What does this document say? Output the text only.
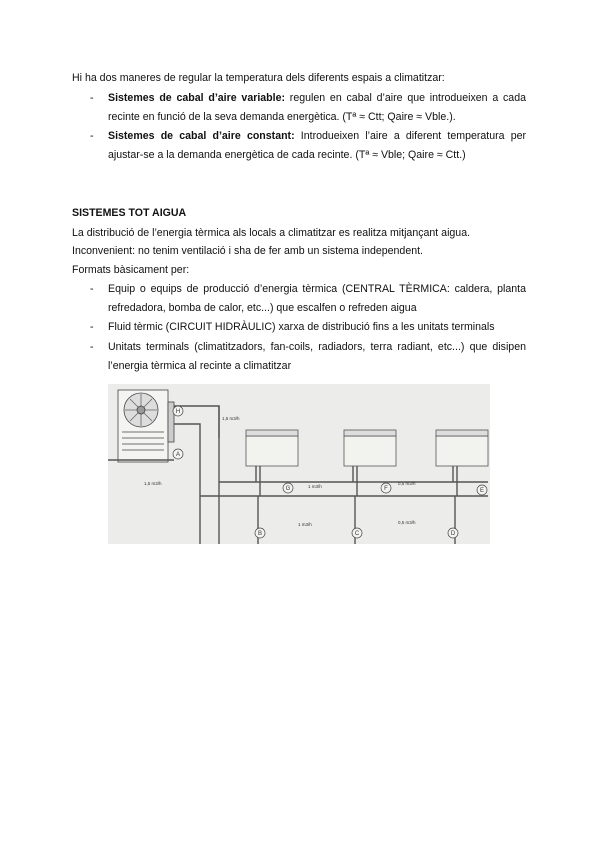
Hi ha dos maneres de regular la temperatura dels diferents espais a climatitzar:
- Sistemes de cabal d’aire variable: regulen en cabal d’aire que introdueixen a cada recinte en funció de la seva demanda energètica. (Tª ≈ Ctt; Qaire ≈ Vble.).
- Sistemes de cabal d’aire constant: Introdueixen l’aire a diferent temperatura per ajustar-se a la demanda energètica de cada recinte. (Tª ≈ Vble; Qaire ≈ Ctt.)
SISTEMES TOT AIGUA
La distribució de l’energia tèrmica als locals a climatitzar es realitza mitjançant aigua.
Inconvenient: no tenim ventilació i sha de fer amb un sistema independent.
Formats bàsicament per:
- Equip o equips de producció d’energia tèrmica (CENTRAL TÈRMICA: caldera, planta refredadora, bomba de calor, etc...) que escalfen o refreden aigua
- Fluid tèrmic (CIRCUIT HIDRÀULIC) xarxa de distribució fins a les unitats terminals
- Unitats terminals (climatitzadors, fan-coils, radiadors, terra radiant, etc...) que disipen l’energia tèrmica al recinte a climatitzar
H
A
B	C	D
E
F
G
1,5 m3/h
1,5 m3/h
1 m3/h
0,5 m3/h
1 m3/h	0,5 m3/h
